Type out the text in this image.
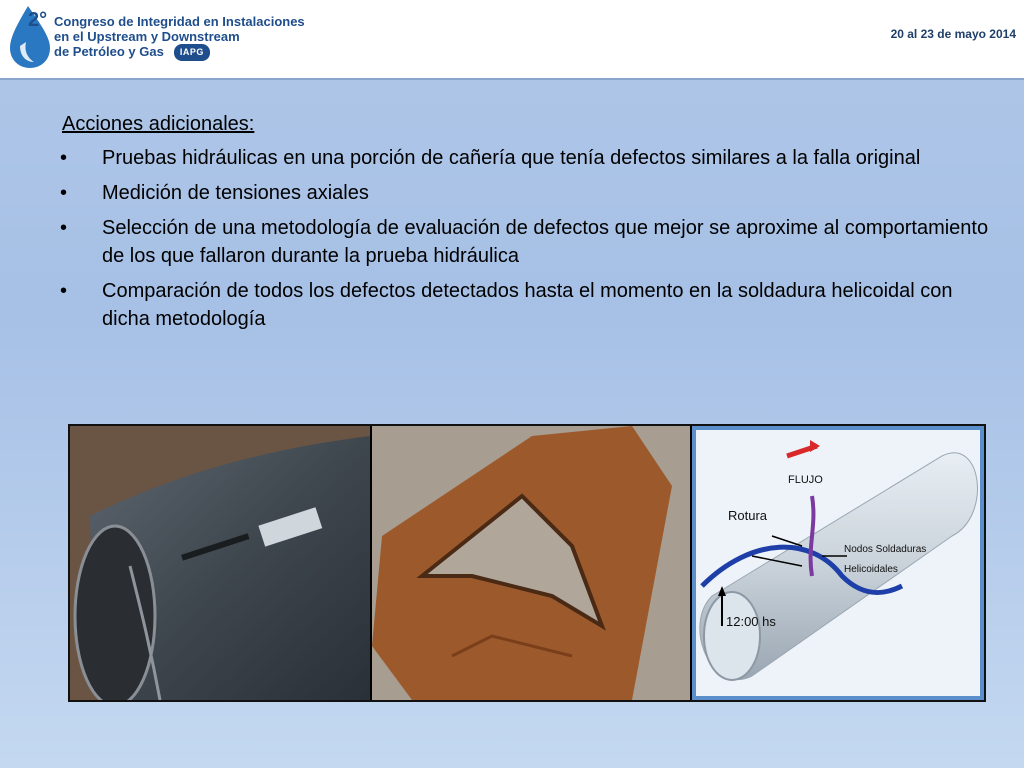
2° Congreso de Integridad en Instalaciones
en el Upstream y Downstream
de Petróleo y Gas IAPG
20 al 23 de mayo 2014
Acciones adicionales:
• Pruebas hidráulicas en una porción de cañería que tenía defectos similares a la falla original
• Medición de tensiones axiales
• Selección de una metodología de evaluación de defectos que mejor se aproxime al comportamiento de los que fallaron durante la prueba hidráulica
• Comparación de todos los defectos detectados hasta el momento en la soldadura helicoidal con dicha metodología
FLUJO
Rotura
Nodos Soldaduras
Helicoidales
12:00 hs
